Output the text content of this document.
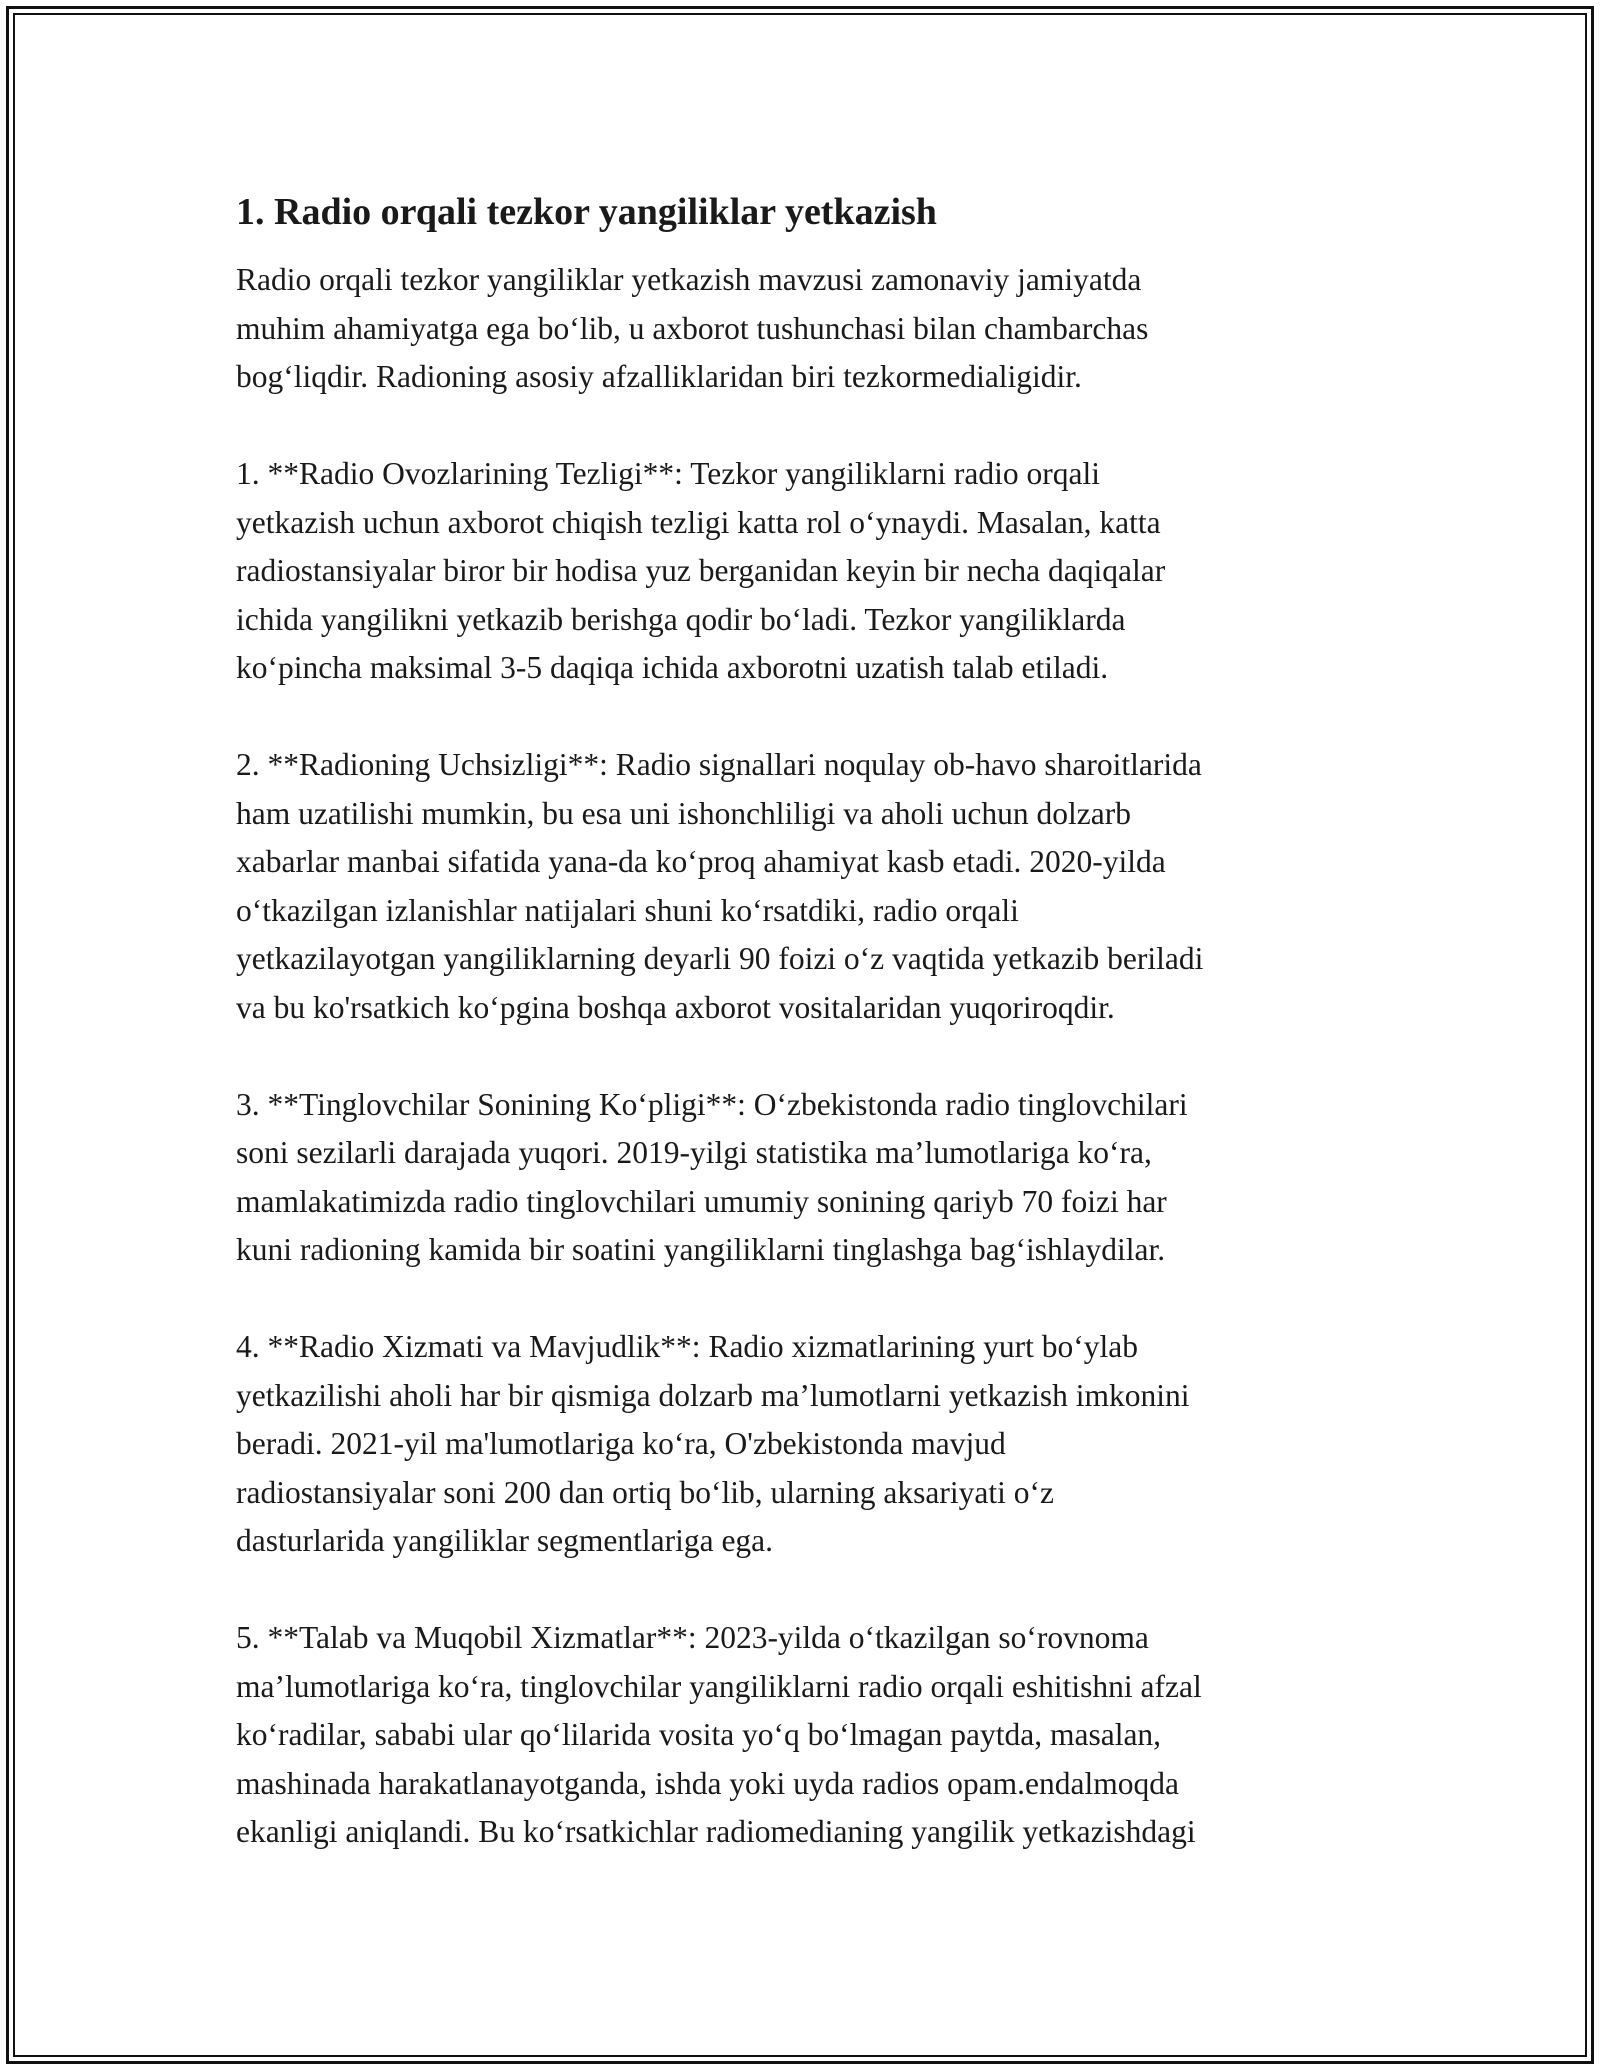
1. Radio orqali tezkor yangiliklar yetkazish
Radio orqali tezkor yangiliklar yetkazish mavzusi zamonaviy jamiyatda
muhim ahamiyatga ega bo‘lib, u axborot tushunchasi bilan chambarchas
bog‘liqdir. Radioning asosiy afzalliklaridan biri tezkormedialigidir.
1. **Radio Ovozlarining Tezligi**: Tezkor yangiliklarni radio orqali
yetkazish uchun axborot chiqish tezligi katta rol o‘ynaydi. Masalan, katta
radiostansiyalar biror bir hodisa yuz berganidan keyin bir necha daqiqalar
ichida yangilikni yetkazib berishga qodir bo‘ladi. Tezkor yangiliklarda
ko‘pincha maksimal 3-5 daqiqa ichida axborotni uzatish talab etiladi.
2. **Radioning Uchsizligi**: Radio signallari noqulay ob-havo sharoitlarida
ham uzatilishi mumkin, bu esa uni ishonchliligi va aholi uchun dolzarb
xabarlar manbai sifatida yana-da ko‘proq ahamiyat kasb etadi. 2020-yilda
o‘tkazilgan izlanishlar natijalari shuni ko‘rsatdiki, radio orqali
yetkazilayotgan yangiliklarning deyarli 90 foizi o‘z vaqtida yetkazib beriladi
va bu ko'rsatkich ko‘pgina boshqa axborot vositalaridan yuqoriroqdir.
3. **Tinglovchilar Sonining Ko‘pligi**: O‘zbekistonda radio tinglovchilari
soni sezilarli darajada yuqori. 2019-yilgi statistika ma’lumotlariga ko‘ra,
mamlakatimizda radio tinglovchilari umumiy sonining qariyb 70 foizi har
kuni radioning kamida bir soatini yangiliklarni tinglashga bag‘ishlaydilar.
4. **Radio Xizmati va Mavjudlik**: Radio xizmatlarining yurt bo‘ylab
yetkazilishi aholi har bir qismiga dolzarb ma’lumotlarni yetkazish imkonini
beradi. 2021-yil ma'lumotlariga ko‘ra, O'zbekistonda mavjud
radiostansiyalar soni 200 dan ortiq bo‘lib, ularning aksariyati o‘z
dasturlarida yangiliklar segmentlariga ega.
5. **Talab va Muqobil Xizmatlar**: 2023-yilda o‘tkazilgan so‘rovnoma
ma’lumotlariga ko‘ra, tinglovchilar yangiliklarni radio orqali eshitishni afzal
ko‘radilar, sababi ular qo‘lilarida vosita yo‘q bo‘lmagan paytda, masalan,
mashinada harakatlanayotganda, ishda yoki uyda radios opam.endalmoqda
ekanligi aniqlandi. Bu ko‘rsatkichlar radiomedianing yangilik yetkazishdagi
